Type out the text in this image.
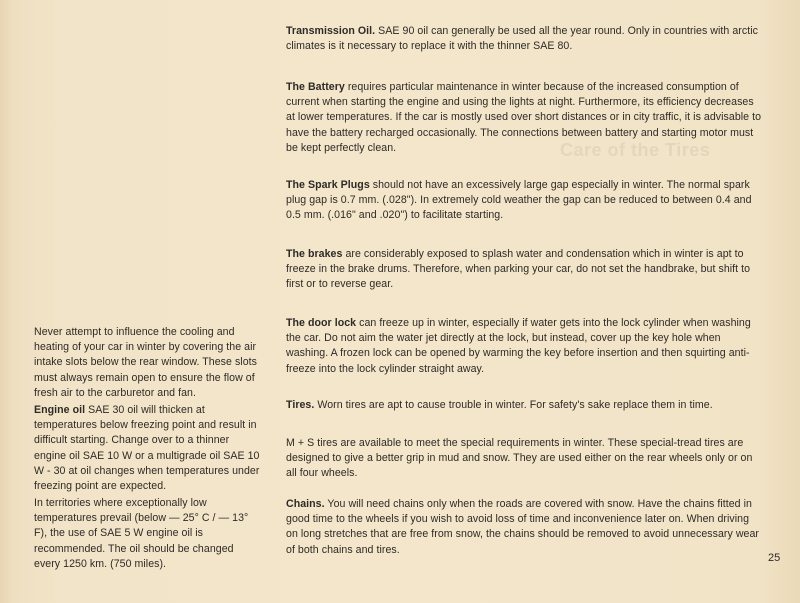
Care of the Tires

Transmission Oil. SAE 90 oil can generally be used all the year round. Only in countries with arctic climates is it necessary to replace it with the thinner SAE 80.

The Battery requires particular maintenance in winter because of the increased consumption of current when starting the engine and using the lights at night. Furthermore, its efficiency decreases at lower temperatures. If the car is mostly used over short distances or in city traffic, it is advisable to have the battery recharged occasionally. The connections between battery and starting motor must be kept perfectly clean.

The Spark Plugs should not have an excessively large gap especially in winter. The normal spark plug gap is 0.7 mm. (.028"). In extremely cold weather the gap can be reduced to between 0.4 and 0.5 mm. (.016" and .020") to facilitate starting.

The brakes are considerably exposed to splash water and condensation which in winter is apt to freeze in the brake drums. Therefore, when parking your car, do not set the handbrake, but shift to first or to reverse gear.

The door lock can freeze up in winter, especially if water gets into the lock cylinder when washing the car. Do not aim the water jet directly at the lock, but instead, cover up the key hole when washing. A frozen lock can be opened by warming the key before insertion and then squirting anti-freeze into the lock cylinder straight away.

Tires. Worn tires are apt to cause trouble in winter. For safety's sake replace them in time.

M + S tires are available to meet the special requirements in winter. These special-tread tires are designed to give a better grip in mud and snow. They are used either on the rear wheels only or on all four wheels.

Chains. You will need chains only when the roads are covered with snow. Have the chains fitted in good time to the wheels if you wish to avoid loss of time and inconvenience later on. When driving on long stretches that are free from snow, the chains should be removed to avoid unnecessary wear of both chains and tires.

Never attempt to influence the cooling and heating of your car in winter by covering the air intake slots below the rear window. These slots must always remain open to ensure the flow of fresh air to the carburetor and fan.

Engine oil SAE 30 oil will thicken at temperatures below freezing point and result in difficult starting. Change over to a thinner engine oil SAE 10 W or a multigrade oil SAE 10 W - 30 at oil changes when temperatures under freezing point are expected.

In territories where exceptionally low temperatures prevail (below — 25° C / — 13° F), the use of SAE 5 W engine oil is recommended. The oil should be changed every 1250 km. (750 miles).	25
